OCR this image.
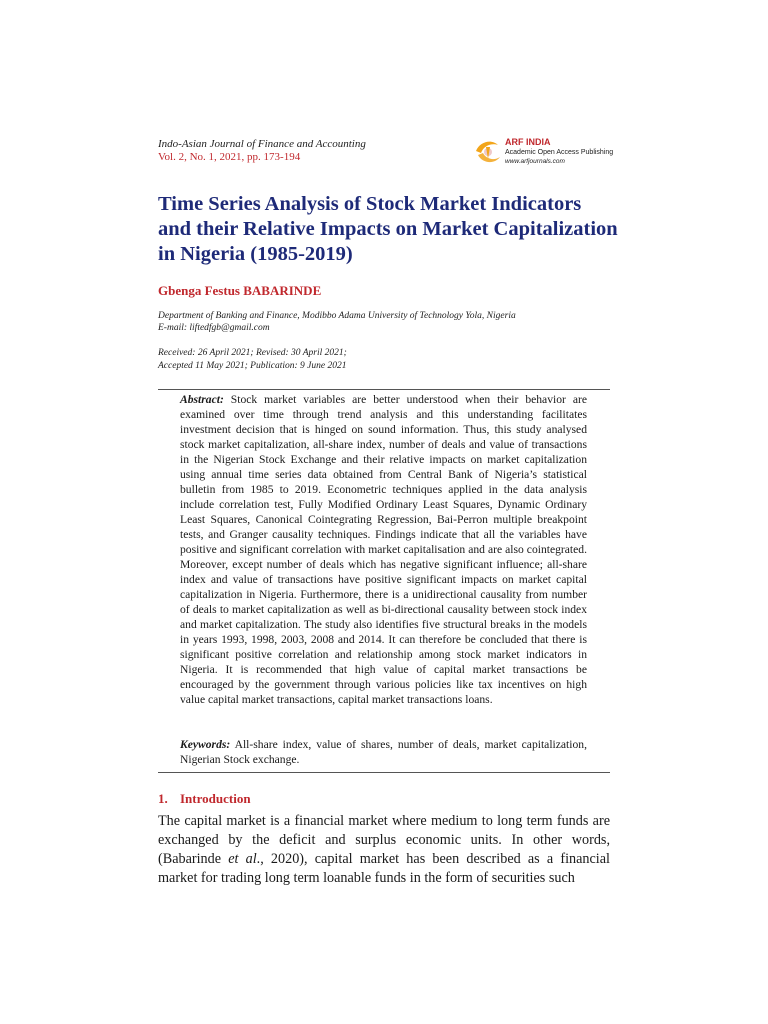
Indo-Asian Journal of Finance and Accounting
Vol. 2, No. 1, 2021, pp. 173-194
ARF INDIA
Academic Open Access Publishing
www.arfjournals.com
Time Series Analysis of Stock Market Indicators and their Relative Impacts on Market Capitalization in Nigeria (1985-2019)
Gbenga Festus BABARINDE
Department of Banking and Finance, Modibbo Adama University of Technology Yola, Nigeria
E-mail: liftedfgb@gmail.com
Received: 26 April 2021; Revised: 30 April 2021;
Accepted 11 May 2021; Publication: 9 June 2021

Abstract: Stock market variables are better understood when their behavior are examined over time through trend analysis and this understanding facilitates investment decision that is hinged on sound information. Thus, this study analysed stock market capitalization, all-share index, number of deals and value of transactions in the Nigerian Stock Exchange and their relative impacts on market capitalization using annual time series data obtained from Central Bank of Nigeria’s statistical bulletin from 1985 to 2019. Econometric techniques applied in the data analysis include correlation test, Fully Modified Ordinary Least Squares, Dynamic Ordinary Least Squares, Canonical Cointegrating Regression, Bai-Perron multiple breakpoint tests, and Granger causality techniques. Findings indicate that all the variables have positive and significant correlation with market capitalisation and are also cointegrated. Moreover, except number of deals which has negative significant influence; all-share index and value of transactions have positive significant impacts on market capital capitalization in Nigeria. Furthermore, there is a unidirectional causality from number of deals to market capitalization as well as bi-directional causality between stock index and market capitalization. The study also identifies five structural breaks in the models in years 1993, 1998, 2003, 2008 and 2014. It can therefore be concluded that there is significant positive correlation and relationship among stock market indicators in Nigeria. It is recommended that high value of capital market transactions be encouraged by the government through various policies like tax incentives on high value capital market transactions, capital market transactions loans.

Keywords: All-share index, value of shares, number of deals, market capitalization, Nigerian Stock exchange.

1. Introduction

The capital market is a financial market where medium to long term funds are exchanged by the deficit and surplus economic units. In other words, (Babarinde et al., 2020), capital market has been described as a financial market for trading long term loanable funds in the form of securities such
